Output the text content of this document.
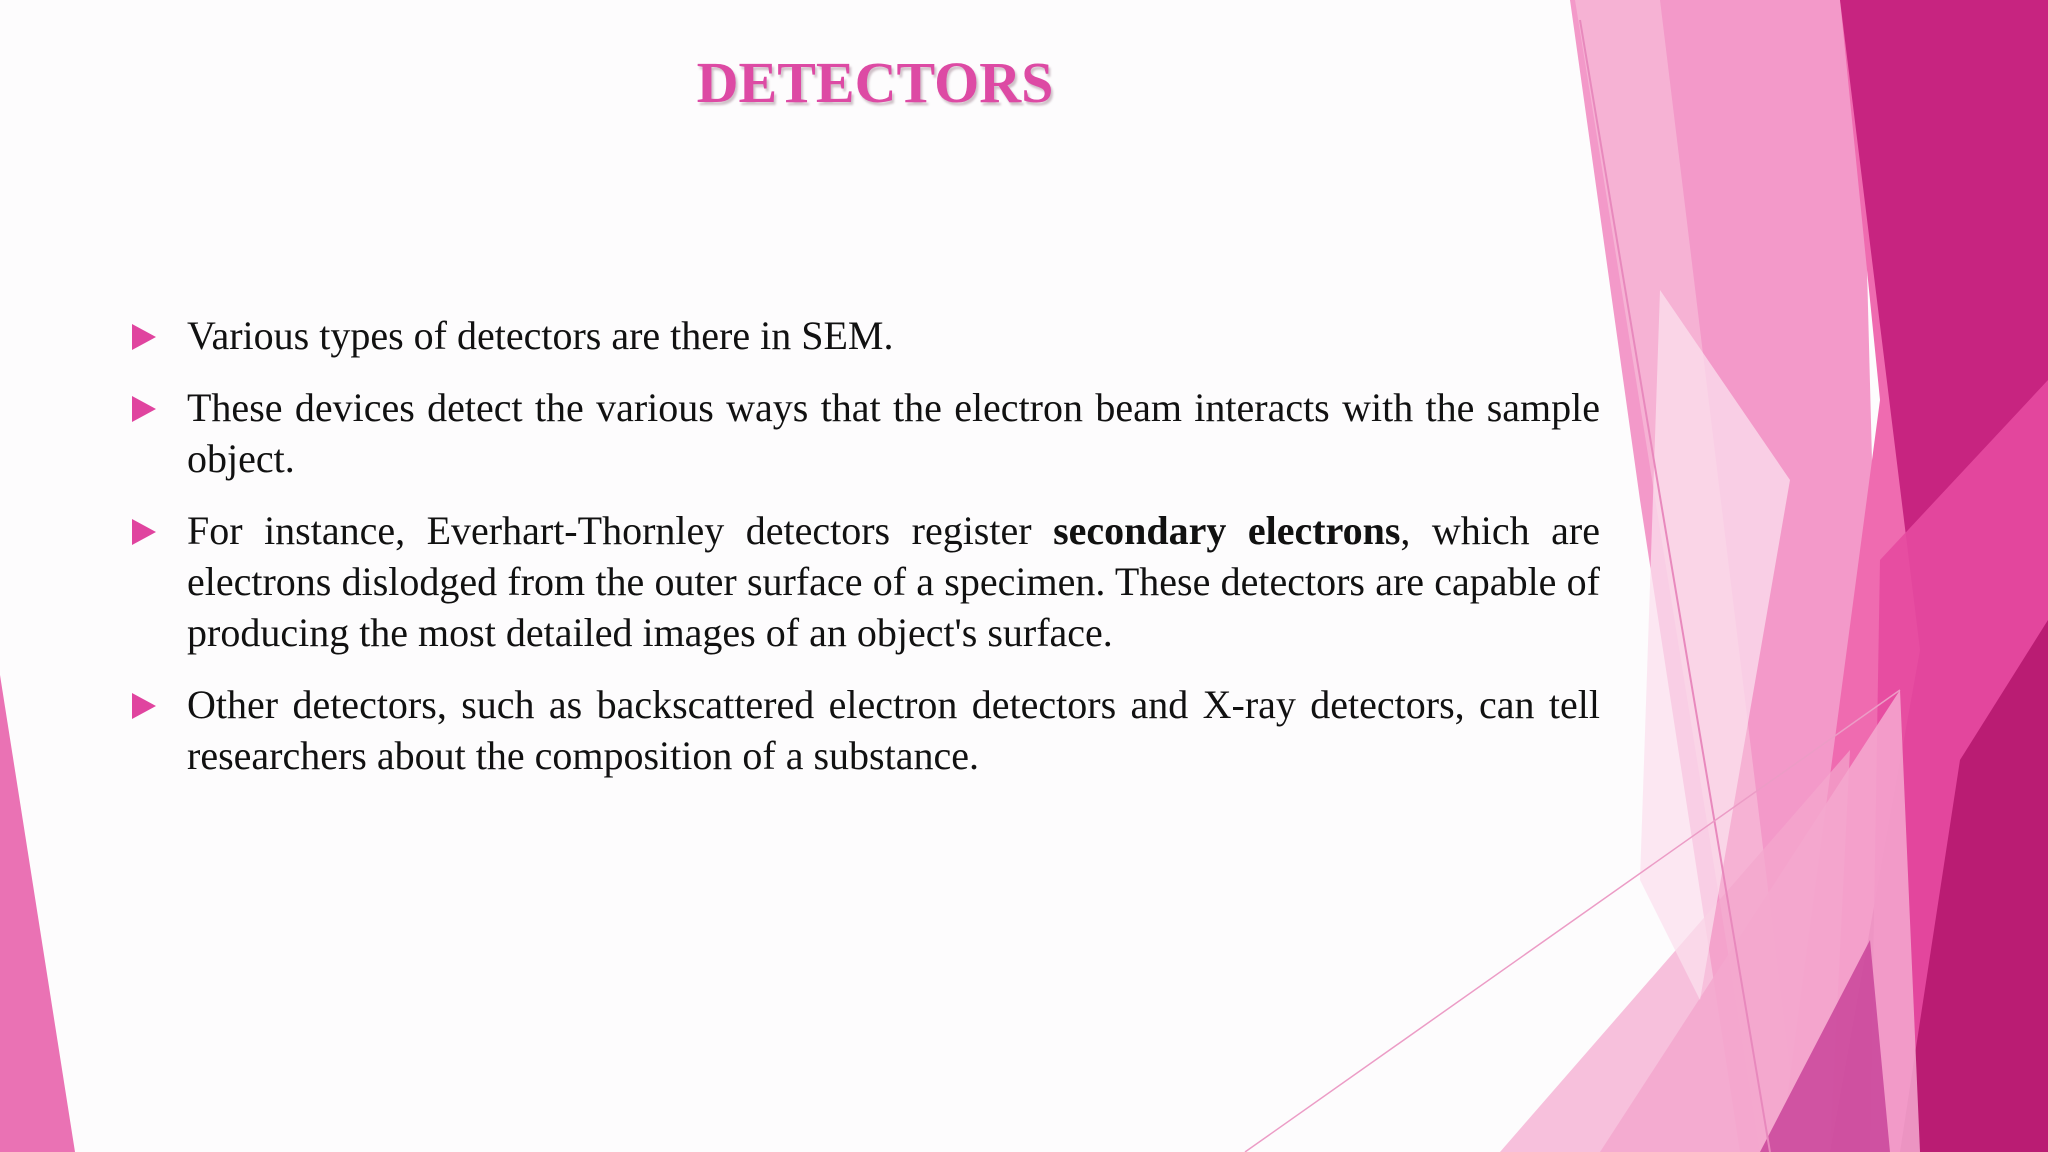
DETECTORS
Various types of detectors are there in SEM.
These devices detect the various ways that the electron beam interacts with the sample object.
For instance, Everhart-Thornley detectors register secondary electrons, which are electrons dislodged from the outer surface of a specimen. These detectors are capable of producing the most detailed images of an object's surface.
Other detectors, such as backscattered electron detectors and X-ray detectors, can tell researchers about the composition of a substance.
